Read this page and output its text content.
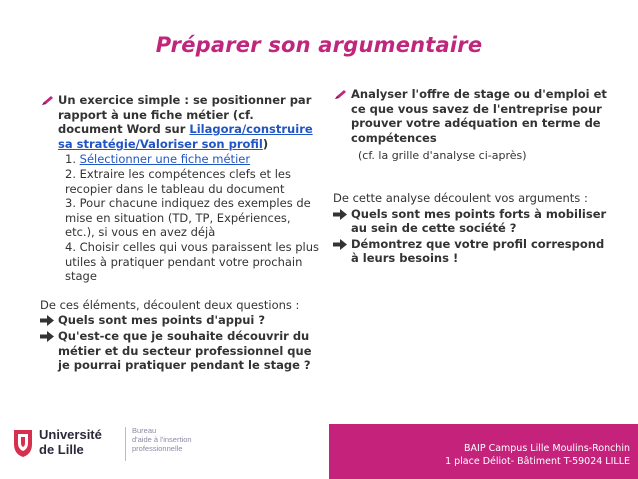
Préparer son argumentaire
Un exercice simple : se positionner par rapport à une fiche métier (cf. document Word sur Lilagora/construire sa stratégie/Valoriser son profil)
1. Sélectionner une fiche métier
2. Extraire les compétences clefs et les recopier dans le tableau du document
3. Pour chacune indiquez des exemples de mise en situation (TD, TP, Expériences, etc.), si vous en avez déjà
4. Choisir celles qui vous paraissent les plus utiles à pratiquer pendant votre prochain stage
De ces éléments, découlent deux questions :
Quels sont mes points d'appui ?
Qu'est-ce que je souhaite découvrir du métier et du secteur professionnel que je pourrai pratiquer pendant le stage ?
Analyser l'offre de stage ou d'emploi et ce que vous savez de l'entreprise pour prouver votre adéquation en terme de compétences
(cf. la grille d'analyse ci-après)
De cette analyse découlent vos arguments :
Quels sont mes points forts à mobiliser au sein de cette société ?
Démontrez que votre profil correspond à leurs besoins !
Université
de Lille
Bureau
d'aide à l'insertion
professionnelle	BAIP Campus Lille Moulins-Ronchin
1 place Déliot- Bâtiment T-59024 LILLE
